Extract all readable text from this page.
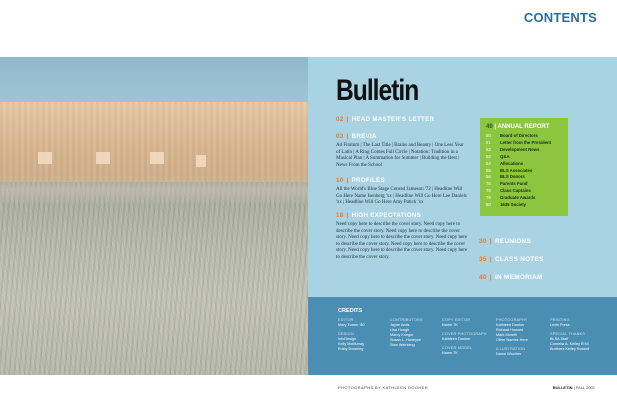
CONTENTS
Bulletin
02 | HEAD MASTER'S LETTER
03 | BREVIA
Ad Finitum | The Last Title | Brains and Beauty | One Less Year of Latin | A Ring Comes Full Circle | Notation: Tradition in a Musical Plan | A Summation for Summer | Building the Best | News From the School
10 | PROFILES
All the World's Blue Stage Conrad Jameson '72 | Headline Will Go Here Name Isenberg 'xx | Headline Will Go Here Lee Daniels 'xx | Headline Will Go Here Amy Patick 'xx
18 | HIGH EXPECTATIONS
Need copy here to describe the cover story. Need copy here to describe the cover story. Need copy here to describe the cover story. Need copy here to describe the cover story. Need copy here to describe the cover story. Need copy here to describe the cover story. Need copy here to describe the cover story. Need copy here to describe the cover story.
49 | ANNUAL REPORT
50	Board of Directors
51	Letter from the President
52	Development News
53	Q&A
54	Allocations
55	BLS Associates
56	BLS Donors
76	Parents Fund
78	Class Captains
79	Graduate Awards
80	1635 Society
30 | REUNIONS
35 | CLASS NOTES
40 | IN MEMORIAM
CREDITS
EDITOR
Mary Turner '80
DESIGN
InfoDesign
Kelly McMurray
Kristy Downing
CONTRIBUTORS
Jayne Amis
Lisa Hough
Marcy Krieger
Susan L. Honeyse
Stan Weinbing
COPY EDITOR
Name TK
COVER PHOTOGRAPH
Kathleen Dooher
COVER MODEL
Name TK
PHOTOGRAPHY
Kathleen Dooher
Richard Howard
Mark Morelli
Other Names Here
ILLUSTRATION
Name Woolner
PRINTING
Lexis Press
SPECIAL THANKS
BLSA Staff
Cornelia A. Kelley R'44
Brotherz Kelley Rossell
PHOTOGRAPHS BY KATHLEEN DOOHER	BULLETIN | FALL 2001
